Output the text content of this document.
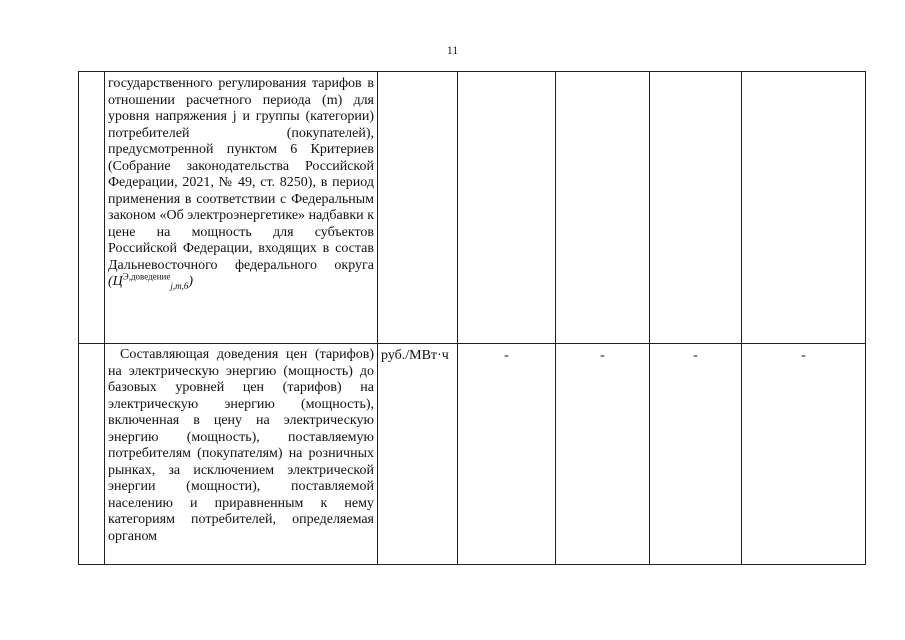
11

	государственного регулирования тарифов в отношении расчетного периода (m) для уровня напряжения j и группы (категории) потребителей (покупателей), предусмотренной пунктом 6 Критериев (Собрание законодательства Российской Федерации, 2021, № 49, ст. 8250), в период применения в соответствии с Федеральным законом «Об электроэнергетике» надбавки к цене на мощность для субъектов Российской Федерации, входящих в состав Дальневосточного федерального округа $(Ц^{Э,доведение}_{j,m,6})$					

	Составляющая доведения цен (тарифов) на электрическую энергию (мощность) до базовых уровней цен (тарифов) на электрическую энергию (мощность), включенная в цену на электрическую энергию (мощность), поставляемую потребителям (покупателям) на розничных рынках, за исключением электрической энергии (мощности), поставляемой населению и приравненным к нему категориям потребителей, определяемая органом	руб./МВт·ч	-	-	-	-
